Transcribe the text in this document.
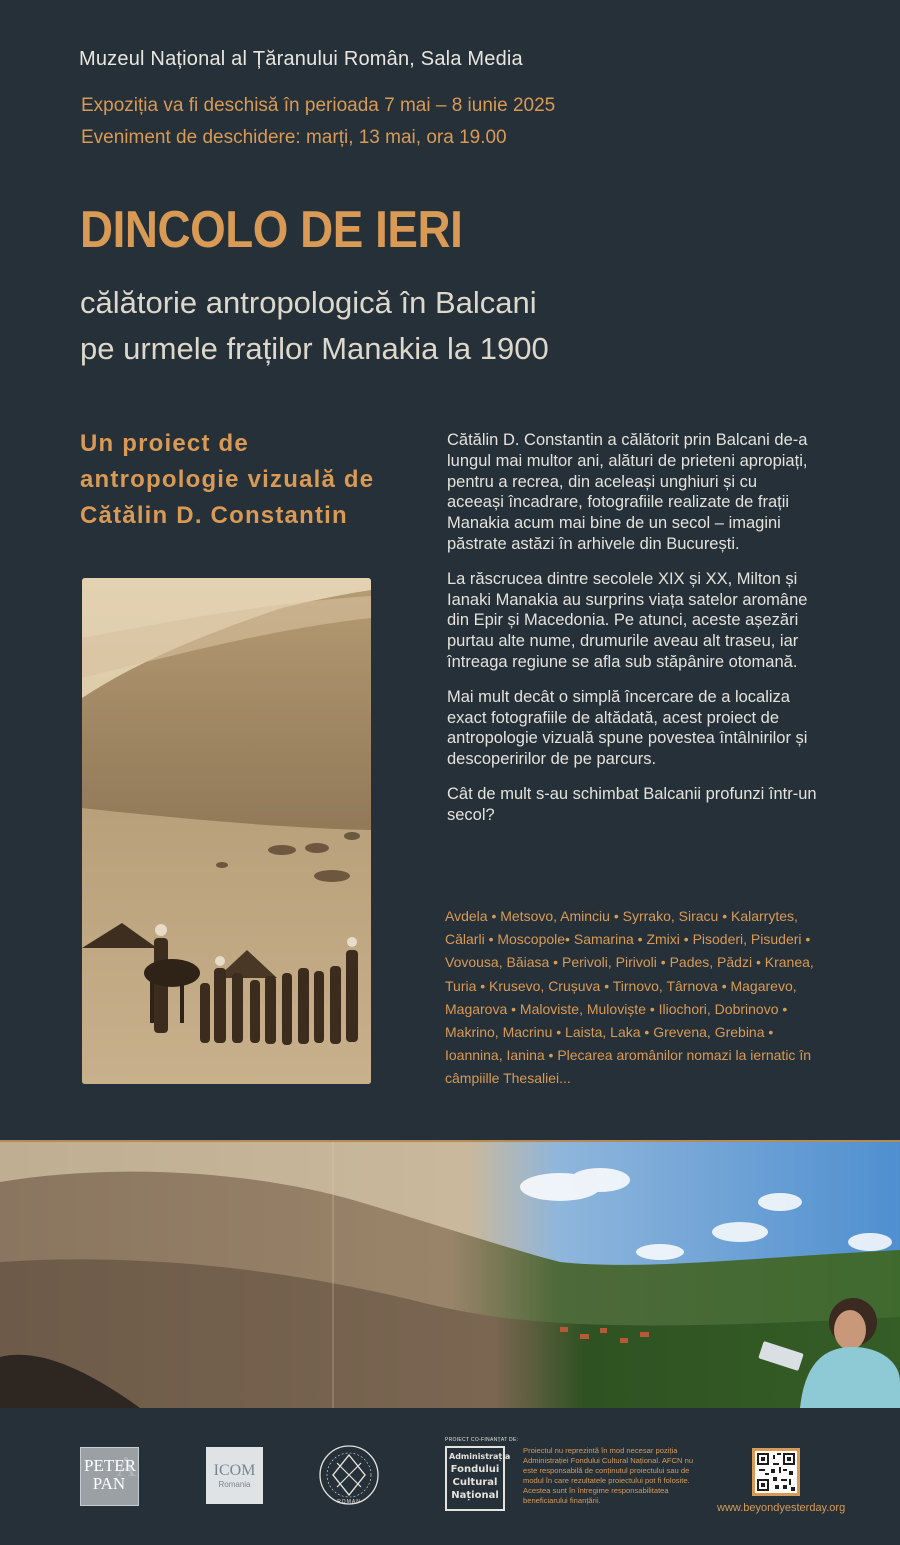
Muzeul Național al Țăranului Român, Sala Media
Expoziția va fi deschisă în perioada 7 mai – 8 iunie 2025
Eveniment de deschidere: marți, 13 mai, ora 19.00
DINCOLO DE IERI
călătorie antropologică în Balcani
pe urmele fraților Manakia la 1900
Un proiect de
antropologie vizuală de
Cătălin D. Constantin

Cătălin D. Constantin a călătorit prin Balcani de-a lungul mai multor ani, alături de prieteni apropiați, pentru a recrea, din aceleași unghiuri și cu aceeași încadrare, fotografiile realizate de frații Manakia acum mai bine de un secol – imagini păstrate astăzi în arhivele din București.

La răscrucea dintre secolele XIX și XX, Milton și Ianaki Manakia au surprins viața satelor aromâne din Epir și Macedonia. Pe atunci, aceste așezări purtau alte nume, drumurile aveau alt traseu, iar întreaga regiune se afla sub stăpânire otomană.

Mai mult decât o simplă încercare de a localiza exact fotografiile de altădată, acest proiect de antropologie vizuală spune povestea întâlnirilor și descoperirilor de pe parcurs.

Cât de mult s-au schimbat Balcanii profunzi într-un secol?

Avdela • Metsovo, Aminciu • Syrrako, Siracu • Kalarrytes, Călarli • Moscopole• Samarina • Zmixi • Pisoderi, Pisuderi • Vovousa, Băiasa • Perivoli, Pirivoli • Pades, Pădzi • Kranea, Turia • Krusevo, Crușuva • Tirnovo, Târnova • Magarevo, Magarova • Maloviste, Muloviște • Iliochori, Dobrinovo • Makrino, Macrinu • Laista, Laka • Grevena, Grebina • Ioannina, Ianina • Plecarea aromânilor nomazi la iernatic în câmpiille Thesaliei...
A
PETER
PAN
ICOM
Romania
ROMAN
PROIECT CO-FINANȚAT DE:
Administrația
Fondului
Cultural
Național
Proiectul nu reprezintă în mod necesar poziția Administrației Fondului Cultural Național. AFCN nu este responsabilă de conținutul proiectului sau de modul în care rezultatele proiectului pot fi folosite. Acestea sunt în întregime responsabilitatea beneficiarului finanțării.
www.beyondyesterday.org
